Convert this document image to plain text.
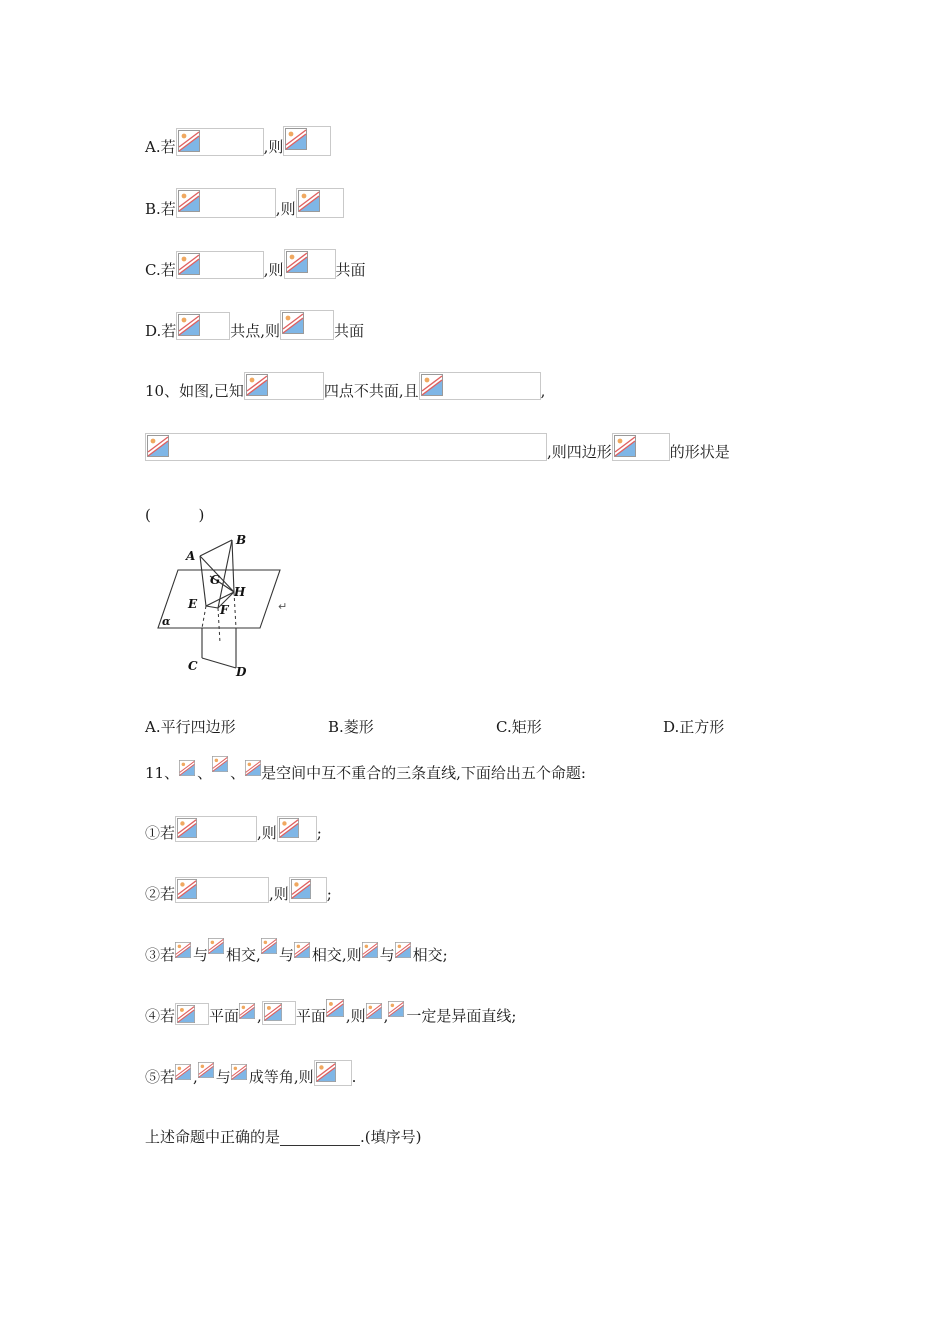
A.若	,则
B.若	,则
C.若	,则	共面
D.若	共点,则	共面
10、如图,已知	四点不共面,且	,
,则四边形	的形状是
(          )
A
B
G
H
E F
C	D
α
↵
A.平行四边形	B.菱形	C.矩形	D.正方形
11、 、 、 是空间中互不重合的三条直线,下面给出五个命题:
①若	,则	;
②若	,则	;
③若 与 相交, 与 相交,则 与 相交;
④若 平面 , 平面 ,则 , 一定是异面直线;
⑤若 , 与 成等角,则	.
上述命题中正确的是	.(填序号)
